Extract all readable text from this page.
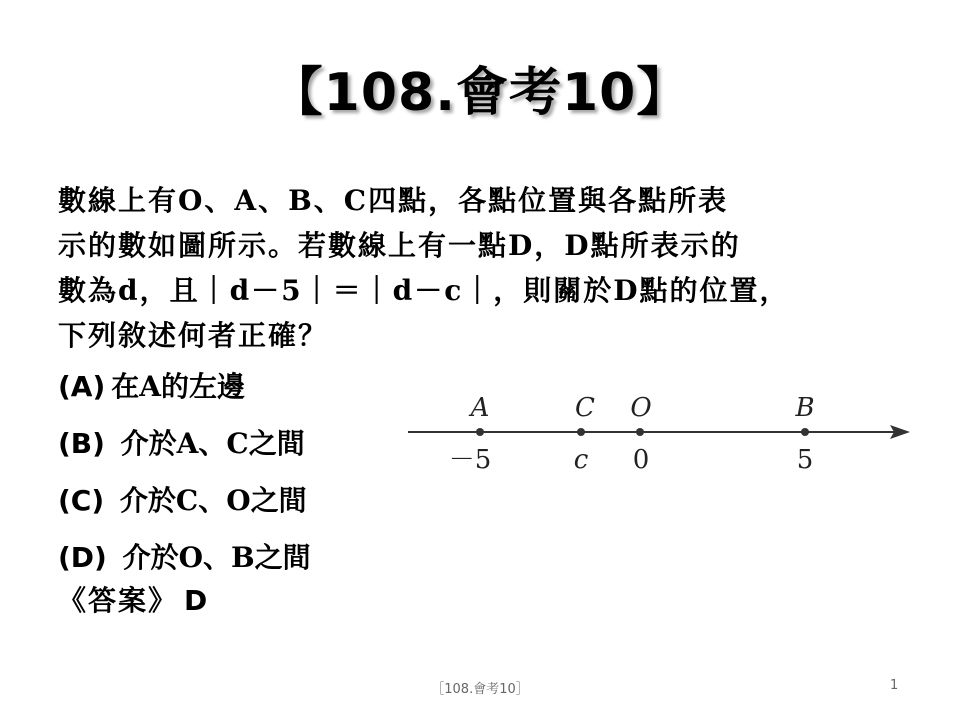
【108.會考10】
數線上有O、A、B、C四點，各點位置與各點所表
示的數如圖所示。若數線上有一點D，D點所表示的
數為d，且｜d－5｜＝｜d－c｜，則關於D點的位置，
下列敘述何者正確？
(A) 在A的左邊
(B) 介於A、C之間
(C) 介於C、O之間
(D) 介於O、B之間
《答案》 D
A
－5
C
c
O
0
B
5
［108.會考10］	1
